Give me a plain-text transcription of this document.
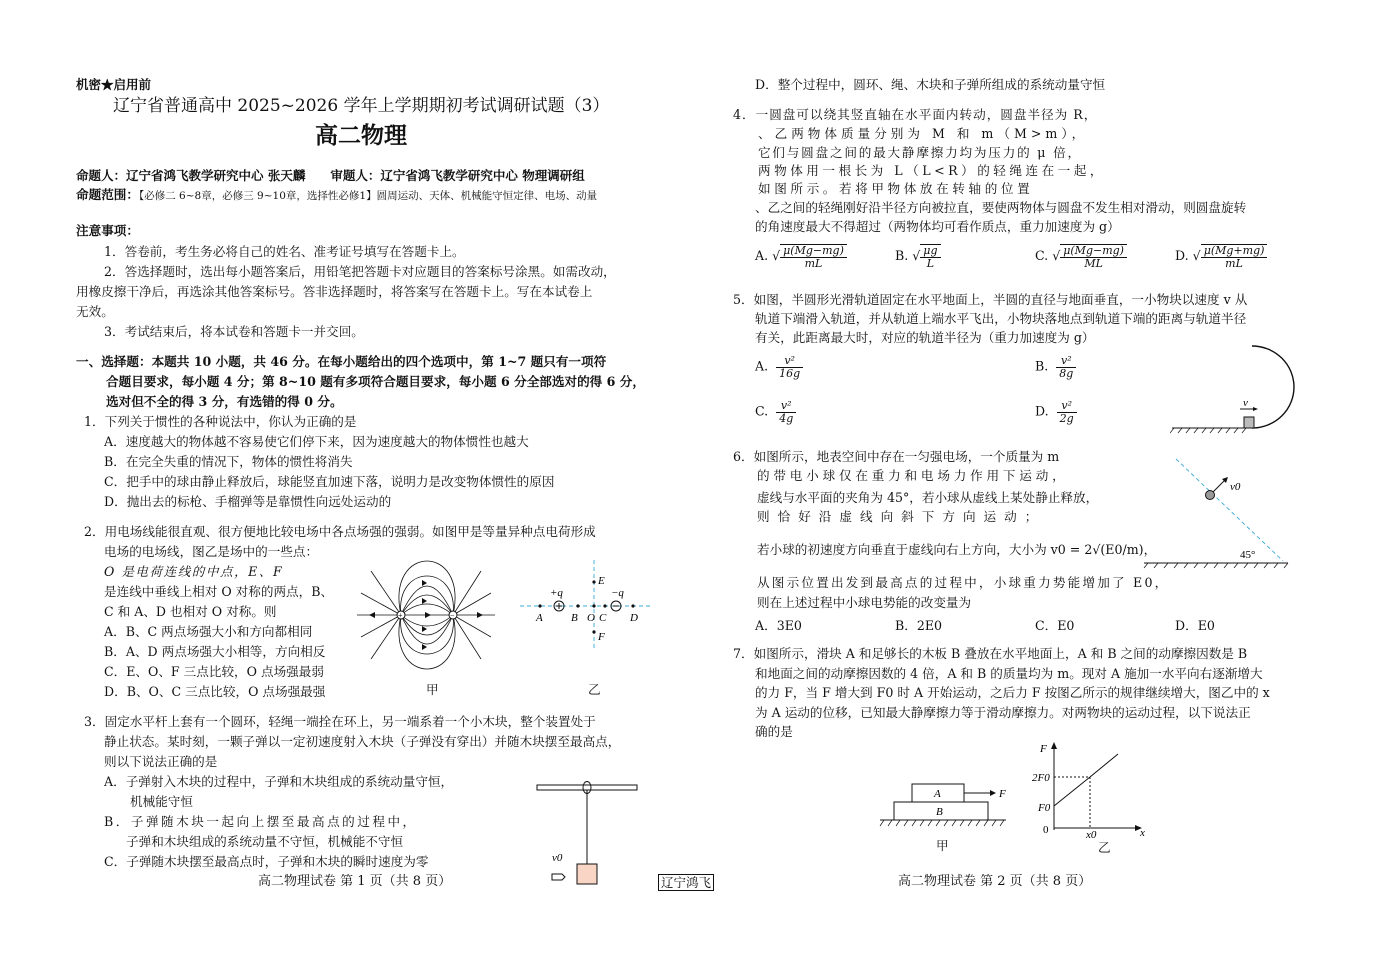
机密★启用前
辽宁省普通高中 2025~2026 学年上学期期初考试调研试题（3）
高二物理
命题人：辽宁省鸿飞教学研究中心 张天麟　　审题人：辽宁省鸿飞教学研究中心 物理调研组
命题范围：【必修二 6~8章，必修三 9~10章，选择性必修1】圆周运动、天体、机械能守恒定律、电场、动量
注意事项：
1．答卷前，考生务必将自己的姓名、准考证号填写在答题卡上。
2．答选择题时，选出每小题答案后，用铅笔把答题卡对应题目的答案标号涂黑。如需改动，
用橡皮擦干净后，再选涂其他答案标号。答非选择题时，将答案写在答题卡上。写在本试卷上
无效。
3．考试结束后，将本试卷和答题卡一并交回。
一、选择题：本题共 10 小题，共 46 分。在每小题给出的四个选项中，第 1~7 题只有一项符
合题目要求，每小题 4 分；第 8~10 题有多项符合题目要求，每小题 6 分全部选对的得 6 分，
选对但不全的得 3 分，有选错的得 0 分。
1．下列关于惯性的各种说法中，你认为正确的是
A．速度越大的物体越不容易使它们停下来，因为速度越大的物体惯性也越大
B．在完全失重的情况下，物体的惯性将消失
C．把手中的球由静止释放后，球能竖直加速下落，说明力是改变物体惯性的原因
D．抛出去的标枪、手榴弹等是靠惯性向远处运动的
2．用电场线能很直观、很方便地比较电场中各点场强的强弱。如图甲是等量异种点电荷形成
电场的电场线，图乙是场中的一些点：
O 是电荷连线的中点，E、F
是连线中垂线上相对 O 对称的两点，B、
C 和 A、D 也相对 O 对称。则
A．B、C 两点场强大小和方向都相同
B．A、D 两点场强大小相等，方向相反
C．E、O、F 三点比较，O 点场强最弱
D．B、O、C 三点比较，O 点场强最强
+	−
甲
+q	−q
A	B O C D
E
F
乙
3．固定水平杆上套有一个圆环，轻绳一端拴在环上，另一端系着一个小木块，整个装置处于
静止状态。某时刻，一颗子弹以一定初速度射入木块（子弹没有穿出）并随木块摆至最高点，
则以下说法正确的是
A．子弹射入木块的过程中，子弹和木块组成的系统动量守恒，
机械能守恒
B．子弹随木块一起向上摆至最高点的过程中，
子弹和木块组成的系统动量不守恒，机械能不守恒
C．子弹随木块摆至最高点时，子弹和木块的瞬时速度为零	v0
高二物理试卷 第 1 页（共 8 页）	辽宁鸿飞	高二物理试卷 第 2 页（共 8 页）
D．整个过程中，圆环、绳、木块和子弹所组成的系统动量守恒
4．一圆盘可以绕其竖直轴在水平面内转动，圆盘半径为 R，
、乙两物体质量分别为 M 和 m（M>m），
它们与圆盘之间的最大静摩擦力均为压力的 μ 倍，
两物体用一根长为 L（L<R）的轻绳连在一起，
如图所示。若将甲物体放在转轴的位置
、乙之间的轻绳刚好沿半径方向被拉直，要使两物体与圆盘不发生相对滑动，则圆盘旋转
的角速度最大不得超过（两物体均可看作质点，重力加速度为 g）
A. √ $\frac{\mu(Mg-mg)}{mL}$	B. √ $\frac{\mu g}{L}$	C. √ $\frac{\mu(Mg-mg)}{ML}$	D. √ $\frac{\mu(Mg+mg)}{mL}$
5．如图，半圆形光滑轨道固定在水平地面上，半圆的直径与地面垂直，一小物块以速度 v 从
轨道下端滑入轨道，并从轨道上端水平飞出，小物块落地点到轨道下端的距离与轨道半径
有关，此距离最大时，对应的轨道半径为（重力加速度为 g）
A. $\frac{\text{v²}}{16g}$	B. $\frac{\text{v²}}{8g}$
C. $\frac{\text{v²}}{4g}$	D. $\frac{\text{v²}}{2g}$	v
6．如图所示，地表空间中存在一匀强电场，一个质量为 m
的带电小球仅在重力和电场力作用下运动，
虚线与水平面的夹角为 45°，若小球从虚线上某处静止释放，
则恰好沿虚线向斜下方向运动；
若小球的初速度方向垂直于虚线向右上方向，大小为 v0 = 2√(E0/m)，
从图示位置出发到最高点的过程中，小球重力势能增加了 E0，
则在上述过程中小球电势能的改变量为
A．3E0	B．2E0	C．E0	D．E0
v0
45°
7．如图所示，滑块 A 和足够长的木板 B 叠放在水平地面上，A 和 B 之间的动摩擦因数是 B
和地面之间的动摩擦因数的 4 倍，A 和 B 的质量均为 m。现对 A 施加一水平向右逐渐增大
的力 F，当 F 增大到 F0 时 A 开始运动，之后力 F 按图乙所示的规律继续增大，图乙中的 x
为 A 运动的位移，已知最大静摩擦力等于滑动摩擦力。对两物块的运动过程，以下说法正
确的是
A
B
F
甲
F
x
0
2F0
F0
x0
乙
